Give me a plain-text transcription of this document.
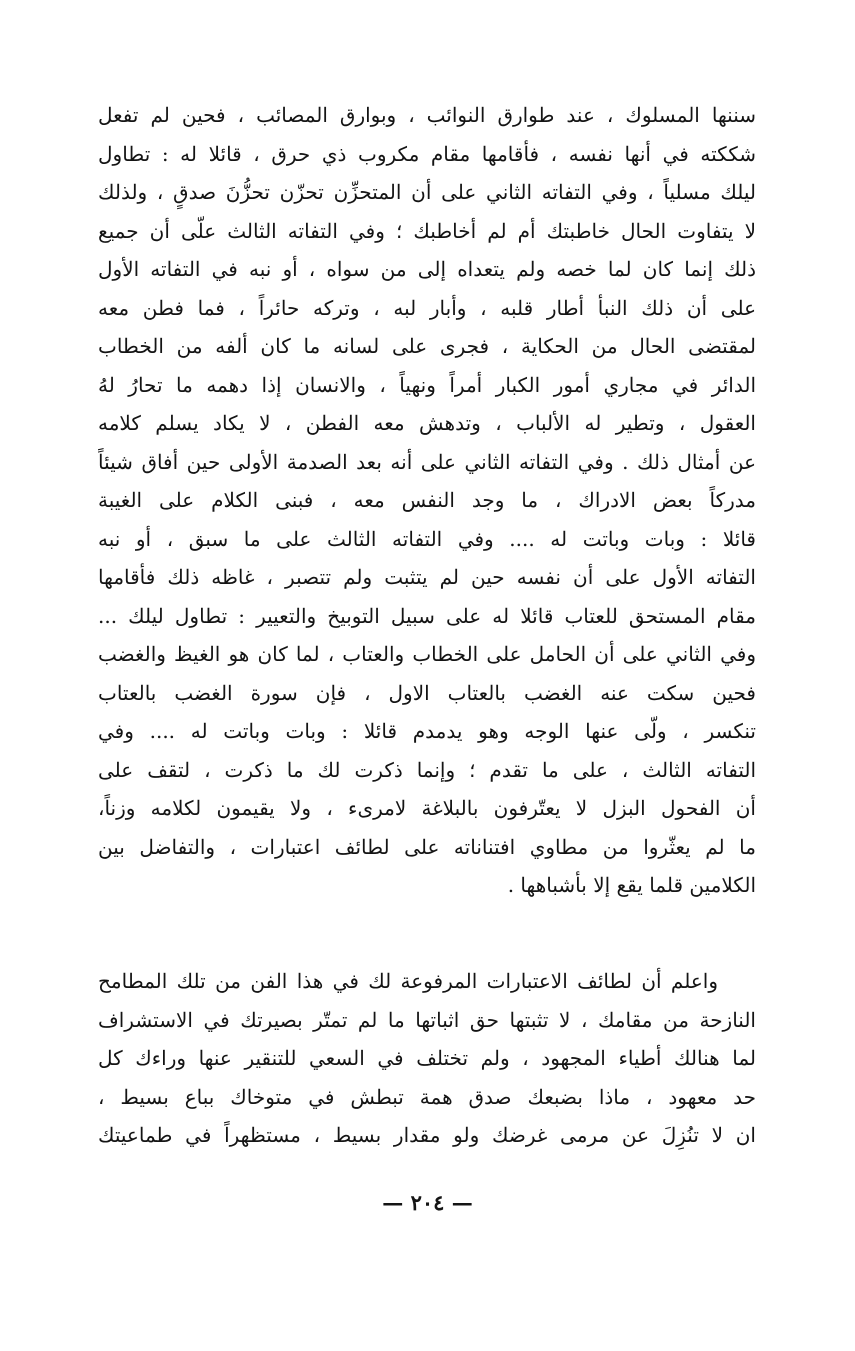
سننها المسلوك ، عند طوارق النوائب ، وبوارق المصائب ، فحين لم تفعل
شككته في أنها نفسه ، فأقامها مقام مكروب ذي حرق ، قائلا له : تطاول
ليلك مسلياً ، وفي التفاته الثاني على أن المتحزِّن تحزّن تحزُّنَ صدقٍ ، ولذلك
لا يتفاوت الحال خاطبتك أم لم أخاطبك ؛ وفي التفاته الثالث علّى أن جميع
ذلك إنما كان لما خصه ولم يتعداه إلى من سواه ، أو نبه في التفاته الأول
على أن ذلك النبأ أطار قلبه ، وأبار لبه ، وتركه حائراً ، فما فطن معه
لمقتضى الحال من الحكاية ، فجرى على لسانه ما كان ألفه من الخطاب
الدائر في مجاري أمور الكبار أمراً ونهياً ، والانسان إذا دهمه ما تحارُ لهُ
العقول ، وتطير له الألباب ، وتدهش معه الفطن ، لا يكاد يسلم كلامه
عن أمثال ذلك . وفي التفاته الثاني على أنه بعد الصدمة الأولى حين أفاق شيئاً
مدركاً بعض الادراك ، ما وجد النفس معه ، فبنى الكلام على الغيبة
قائلا : وبات وباتت له .... وفي التفاته الثالث على ما سبق ، أو نبه
التفاته الأول على أن نفسه حين لم يتثبت ولم تتصبر ، غاظه ذلك فأقامها
مقام المستحق للعتاب قائلا له على سبيل التوبيخ والتعيير : تطاول ليلك ...
وفي الثاني على أن الحامل على الخطاب والعتاب ، لما كان هو الغيظ والغضب
فحين سكت عنه الغضب بالعتاب الاول ، فإن سورة الغضب بالعتاب
تنكسر ، ولّى عنها الوجه وهو يدمدم قائلا : وبات وباتت له .... وفي
التفاته الثالث ، على ما تقدم ؛ وإنما ذكرت لك ما ذكرت ، لتقف على
أن الفحول البزل لا يعتّرفون بالبلاغة لامرىء ، ولا يقيمون لكلامه وزناً،
ما لم يعثّروا من مطاوي افتناناته على لطائف اعتبارات ، والتفاضل بين
الكلامين قلما يقع إلا بأشباهها .
واعلم أن لطائف الاعتبارات المرفوعة لك في هذا الفن من تلك المطامح
النازحة من مقامك ، لا تثبتها حق اثباتها ما لم تمتّر بصيرتك في الاستشراف
لما هنالك أطياء المجهود ، ولم تختلف في السعي للتنقير عنها وراءك كل
حد معهود ، ماذا بضبعك صدق همة تبطش في متوخاك بباع بسيط ،
ان لا تنُزِلَ عن مرمى غرضك ولو مقدار بسيط ، مستظهراً في طماعيتك
— ٢٠٤ —
